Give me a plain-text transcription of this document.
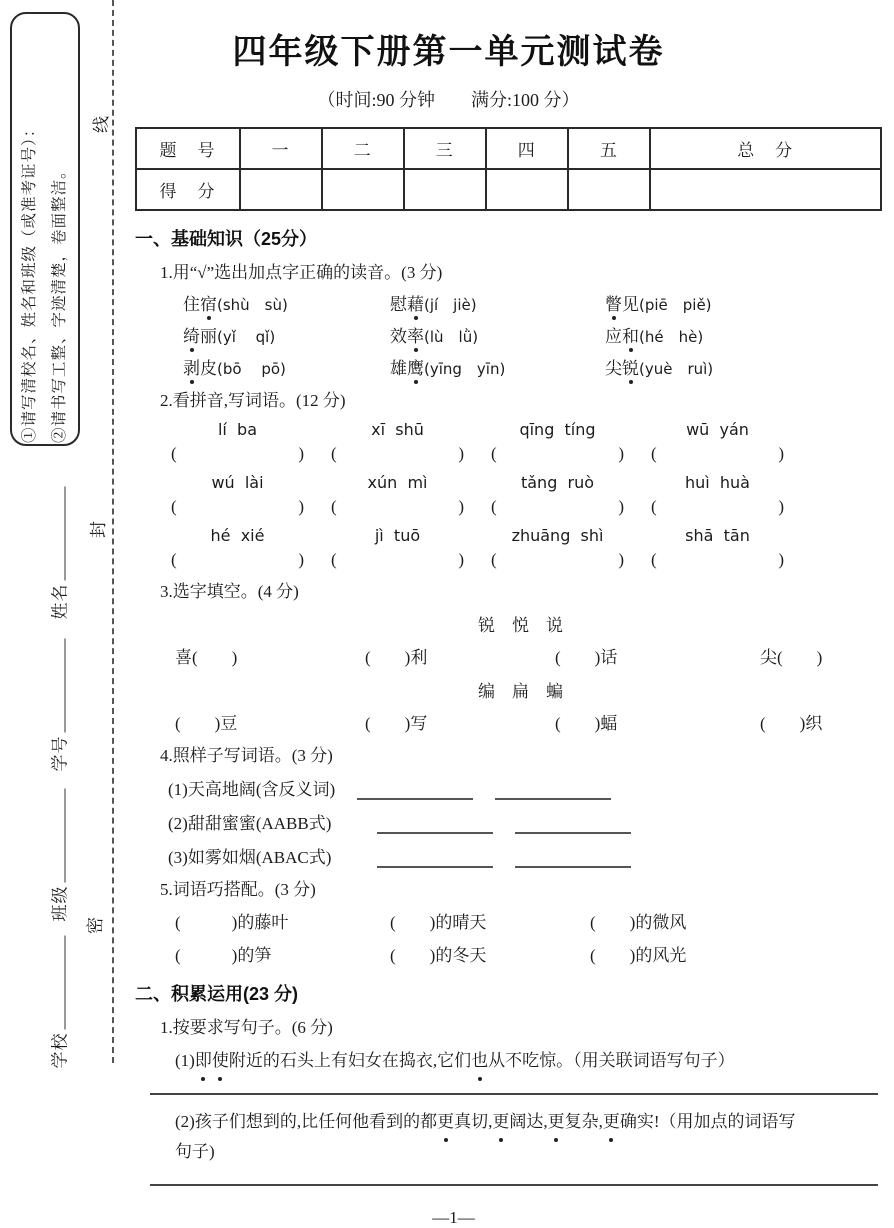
①请写清校名、姓名和班级（或准考证号）： ②请书写工整、字迹清楚，卷面整洁。
姓名
学号
班级
学校
线
封
密
四年级下册第一单元测试卷
（时间:90 分钟　　满分:100 分）
题　号	一	二	三	四	五	总　分
得　分						
一、基础知识（25分）
1.用“√”选出加点字正确的读音。(3 分)
住宿(shù　sù)	慰藉(jí　jiè)	瞥见(piē　piě)
绮丽(yǐ　 qǐ)	效率(lù　lǜ)	应和(hé　hè)
剥皮(bō　 pō)	雄鹰(yīng　yīn)	尖锐(yuè　ruì)
2.看拼音,写词语。(12 分)
lí  ba	xī  shū	qīng  tíng	wū  yán
(	) (	) (	) (	)
wú  lài	xún  mì	tǎng  ruò	huì  huà
(	) (	) (	) (	)
hé  xié	jì  tuō	zhuāng  shì	shā  tān
(	) (	) (	) (	)
3.选字填空。(4 分)
锐　悦　说
喜(　　)	(　　)利	(　　)话	尖(　　)
编　扁　蝙
(　　)豆	(　　)写	(　　)蝠	(　　)织
4.照样子写词语。(3 分)
(1)天高地阔(含反义词)
(2)甜甜蜜蜜(AABB式)
(3)如雾如烟(ABAC式)
5.词语巧搭配。(3 分)
(　　　)的藤叶	(　　)的晴天	(　　)的微风
(　　　)的笋	(　　)的冬天	(　　)的风光
二、积累运用(23 分)
1.按要求写句子。(6 分)
(1)即使附近的石头上有妇女在捣衣,它们也从不吃惊。（用关联词语写句子）
(2)孩子们想到的,比任何他看到的都更真切,更阔达,更复杂,更确实!（用加点的词语写
句子)
—1—
